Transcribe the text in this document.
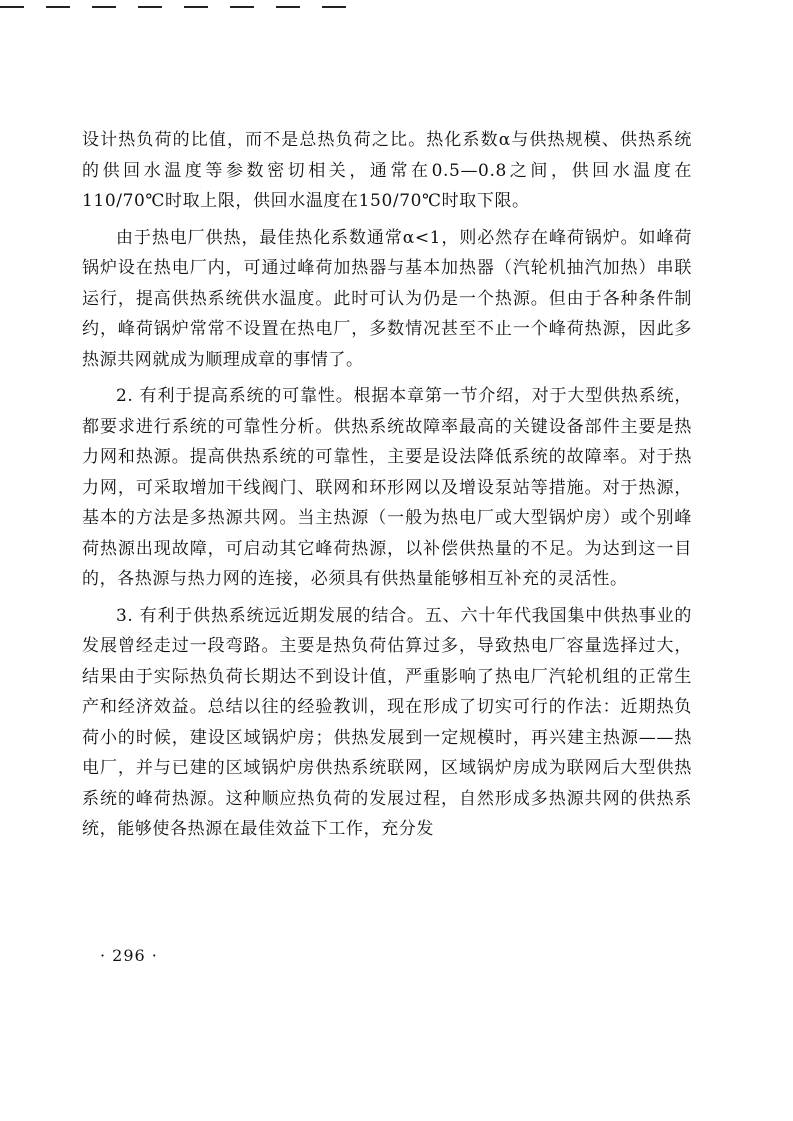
设计热负荷的比值，而不是总热负荷之比。热化系数α与供热规模、供热系统的供回水温度等参数密切相关，通常在0.5—0.8之间，供回水温度在110/70℃时取上限，供回水温度在150/70℃时取下限。

由于热电厂供热，最佳热化系数通常α<1，则必然存在峰荷锅炉。如峰荷锅炉设在热电厂内，可通过峰荷加热器与基本加热器（汽轮机抽汽加热）串联运行，提高供热系统供水温度。此时可认为仍是一个热源。但由于各种条件制约，峰荷锅炉常常不设置在热电厂，多数情况甚至不止一个峰荷热源，因此多热源共网就成为顺理成章的事情了。

2. 有利于提高系统的可靠性。根据本章第一节介绍，对于大型供热系统，都要求进行系统的可靠性分析。供热系统故障率最高的关键设备部件主要是热力网和热源。提高供热系统的可靠性，主要是设法降低系统的故障率。对于热力网，可采取增加干线阀门、联网和环形网以及增设泵站等措施。对于热源，基本的方法是多热源共网。当主热源（一般为热电厂或大型锅炉房）或个别峰荷热源出现故障，可启动其它峰荷热源，以补偿供热量的不足。为达到这一目的，各热源与热力网的连接，必须具有供热量能够相互补充的灵活性。

3. 有利于供热系统远近期发展的结合。五、六十年代我国集中供热事业的发展曾经走过一段弯路。主要是热负荷估算过多，导致热电厂容量选择过大，结果由于实际热负荷长期达不到设计值，严重影响了热电厂汽轮机组的正常生产和经济效益。总结以往的经验教训，现在形成了切实可行的作法：近期热负荷小的时候，建设区域锅炉房；供热发展到一定规模时，再兴建主热源——热电厂，并与已建的区域锅炉房供热系统联网，区域锅炉房成为联网后大型供热系统的峰荷热源。这种顺应热负荷的发展过程，自然形成多热源共网的供热系统，能够使各热源在最佳效益下工作，充分发

· 296 ·
